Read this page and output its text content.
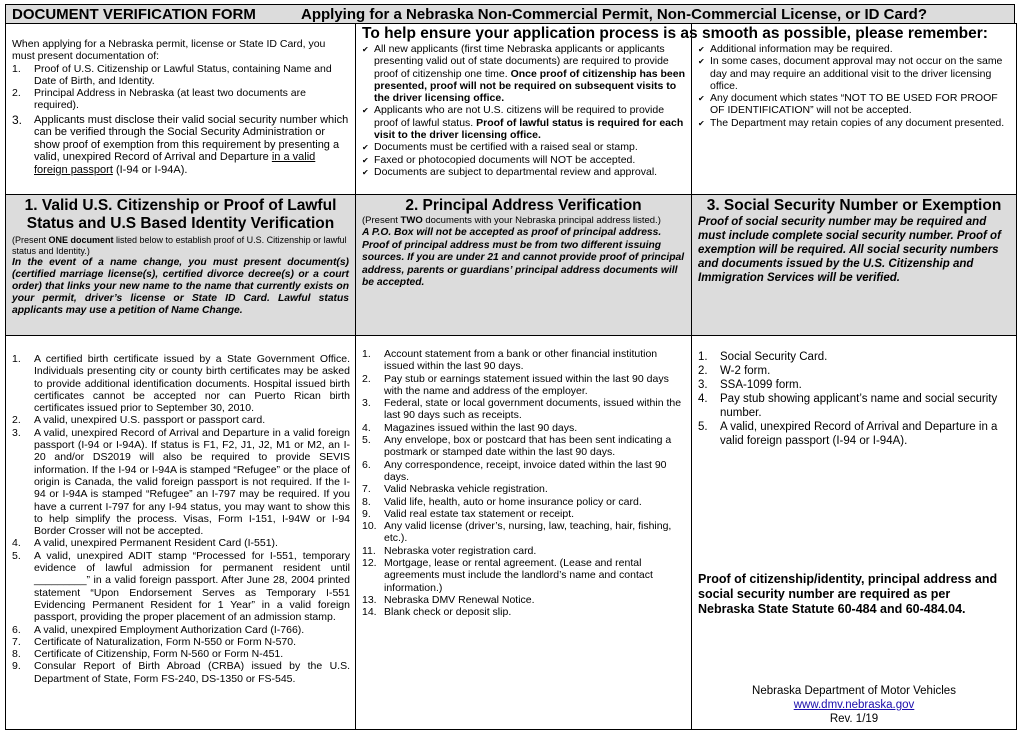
DOCUMENT VERIFICATION FORM	Applying for a Nebraska Non-Commercial Permit, Non-Commercial License, or ID Card?
When applying for a Nebraska permit, license or State ID Card, you must present documentation of:
1. Proof of U.S. Citizenship or Lawful Status, containing Name and Date of Birth, and Identity.
2. Principal Address in Nebraska (at least two documents are required).
3. Applicants must disclose their valid social security number which can be verified through the Social Security Administration or show proof of exemption from this requirement by presenting a valid, unexpired Record of Arrival and Departure in a valid foreign passport (I-94 or I-94A).
To help ensure your application process is as smooth as possible, please remember:
✔ All new applicants (first time Nebraska applicants or applicants presenting valid out of state documents) are required to provide proof of citizenship one time. Once proof of citizenship has been presented, proof will not be required on subsequent visits to the driver licensing office.
✔ Applicants who are not U.S. citizens will be required to provide proof of lawful status. Proof of lawful status is required for each visit to the driver licensing office.
✔ Documents must be certified with a raised seal or stamp.
✔ Faxed or photocopied documents will NOT be accepted.
✔ Documents are subject to departmental review and approval.
✔ Additional information may be required.
✔ In some cases, document approval may not occur on the same day and may require an additional visit to the driver licensing office.
✔ Any document which states “NOT TO BE USED FOR PROOF OF IDENTIFICATION” will not be accepted.
✔ The Department may retain copies of any document presented.
1. Valid U.S. Citizenship or Proof of Lawful Status and U.S Based Identity Verification
(Present ONE document listed below to establish proof of U.S. Citizenship or lawful status and Identity.)
In the event of a name change, you must present document(s) (certified marriage license(s), certified divorce decree(s) or a court order) that links your new name to the name that currently exists on your permit, driver’s license or State ID Card. Lawful status applicants may use a petition of Name Change.
2. Principal Address Verification
(Present TWO documents with your Nebraska principal address listed.)
A P.O. Box will not be accepted as proof of principal address. Proof of principal address must be from two different issuing sources. If you are under 21 and cannot provide proof of principal address, parents or guardians’ principal address documents will be accepted.
3. Social Security Number or Exemption
Proof of social security number may be required and must include complete social security number. Proof of exemption will be required. All social security numbers and documents issued by the U.S. Citizenship and Immigration Services will be verified.
1. A certified birth certificate issued by a State Government Office. Individuals presenting city or county birth certificates may be asked to provide additional identification documents. Hospital issued birth certificates cannot be accepted nor can Puerto Rican birth certificates issued prior to September 30, 2010.
2. A valid, unexpired U.S. passport or passport card.
3. A valid, unexpired Record of Arrival and Departure in a valid foreign passport (I-94 or I-94A). If status is F1, F2, J1, J2, M1 or M2, an I-20 and/or DS2019 will also be required to provide SEVIS information. If the I-94 or I-94A is stamped “Refugee” or the place of origin is Canada, the valid foreign passport is not required. If the I-94 or I-94A is stamped “Refugee” an I-797 may be required. If you have a current I-797 for any I-94 status, you may want to show this to help simplify the process. Visas, Form I-151, I-94W or I-94 Border Crosser will not be accepted.
4. A valid, unexpired Permanent Resident Card (I-551).
5. A valid, unexpired ADIT stamp “Processed for I-551, temporary evidence of lawful admission for permanent resident until _________” in a valid foreign passport. After June 28, 2004 printed statement “Upon Endorsement Serves as Temporary I-551 Evidencing Permanent Resident for 1 Year” in a valid foreign passport, providing the proper placement of an admission stamp.
6. A valid, unexpired Employment Authorization Card (I-766).
7. Certificate of Naturalization, Form N-550 or Form N-570.
8. Certificate of Citizenship, Form N-560 or Form N-451.
9. Consular Report of Birth Abroad (CRBA) issued by the U.S. Department of State, Form FS-240, DS-1350 or FS-545.
1. Account statement from a bank or other financial institution issued within the last 90 days.
2. Pay stub or earnings statement issued within the last 90 days with the name and address of the employer.
3. Federal, state or local government documents, issued within the last 90 days such as receipts.
4. Magazines issued within the last 90 days.
5. Any envelope, box or postcard that has been sent indicating a postmark or stamped date within the last 90 days.
6. Any correspondence, receipt, invoice dated within the last 90 days.
7. Valid Nebraska vehicle registration.
8. Valid life, health, auto or home insurance policy or card.
9. Valid real estate tax statement or receipt.
10. Any valid license (driver’s, nursing, law, teaching, hair, fishing, etc.).
11. Nebraska voter registration card.
12. Mortgage, lease or rental agreement. (Lease and rental agreements must include the landlord’s name and contact information.)
13. Nebraska DMV Renewal Notice.
14. Blank check or deposit slip.
1. Social Security Card.
2. W-2 form.
3. SSA-1099 form.
4. Pay stub showing applicant’s name and social security number.
5. A valid, unexpired Record of Arrival and Departure in a valid foreign passport (I-94 or I-94A).
Proof of citizenship/identity, principal address and social security number are required as per Nebraska State Statute 60-484 and 60-484.04.
Nebraska Department of Motor Vehicles
www.dmv.nebraska.gov
Rev. 1/19
